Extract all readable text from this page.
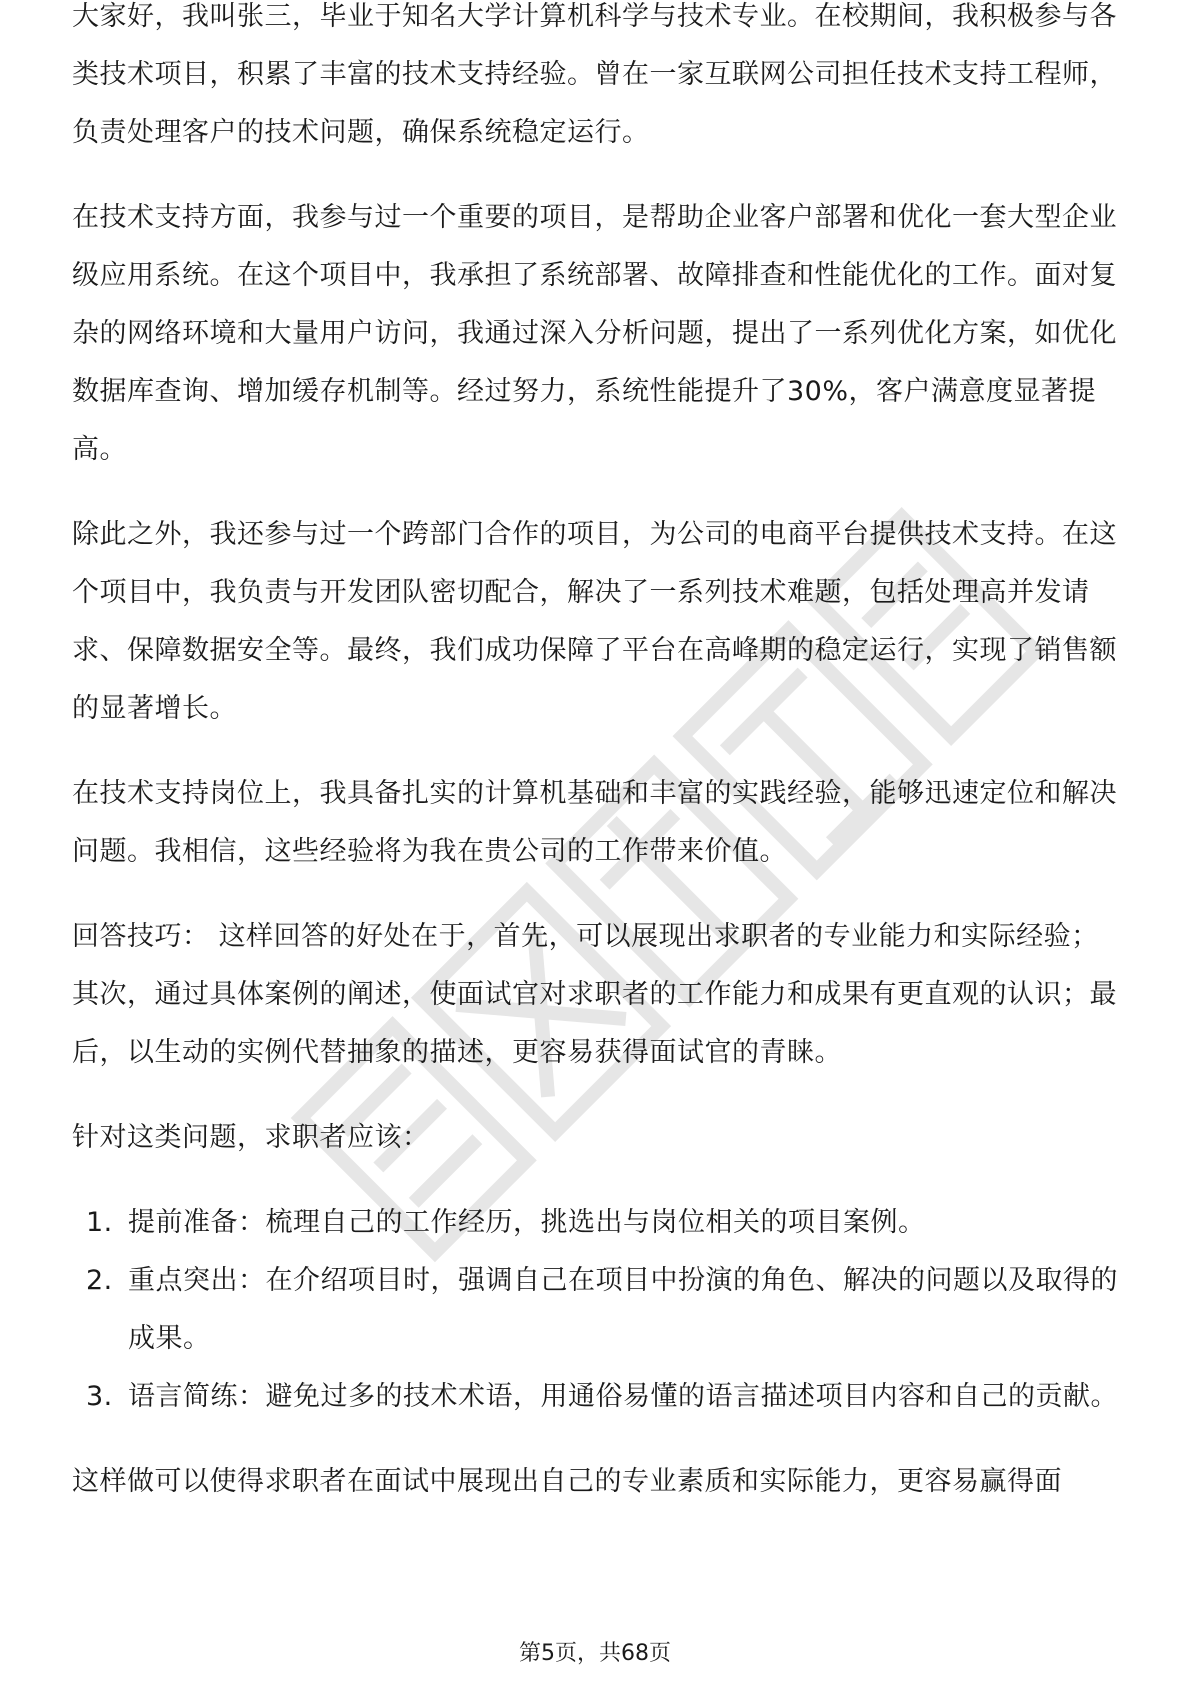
大家好，我叫张三，毕业于知名大学计算机科学与技术专业。在校期间，我积极参与各类技术项目，积累了丰富的技术支持经验。曾在一家互联网公司担任技术支持工程师，负责处理客户的技术问题，确保系统稳定运行。

在技术支持方面，我参与过一个重要的项目，是帮助企业客户部署和优化一套大型企业级应用系统。在这个项目中，我承担了系统部署、故障排查和性能优化的工作。面对复杂的网络环境和大量用户访问，我通过深入分析问题，提出了一系列优化方案，如优化数据库查询、增加缓存机制等。经过努力，系统性能提升了30%，客户满意度显著提高。

除此之外，我还参与过一个跨部门合作的项目，为公司的电商平台提供技术支持。在这个项目中，我负责与开发团队密切配合，解决了一系列技术难题，包括处理高并发请求、保障数据安全等。最终，我们成功保障了平台在高峰期的稳定运行，实现了销售额的显著增长。

在技术支持岗位上，我具备扎实的计算机基础和丰富的实践经验，能够迅速定位和解决问题。我相信，这些经验将为我在贵公司的工作带来价值。

回答技巧： 这样回答的好处在于，首先，可以展现出求职者的专业能力和实际经验；其次，通过具体案例的阐述，使面试官对求职者的工作能力和成果有更直观的认识；最后，以生动的实例代替抽象的描述，更容易获得面试官的青睐。

针对这类问题，求职者应该：

1. 提前准备：梳理自己的工作经历，挑选出与岗位相关的项目案例。
2. 重点突出：在介绍项目时，强调自己在项目中扮演的角色、解决的问题以及取得的成果。
3. 语言简练：避免过多的技术术语，用通俗易懂的语言描述项目内容和自己的贡献。

这样做可以使得求职者在面试中展现出自己的专业素质和实际能力，更容易赢得面

第5页，共68页
